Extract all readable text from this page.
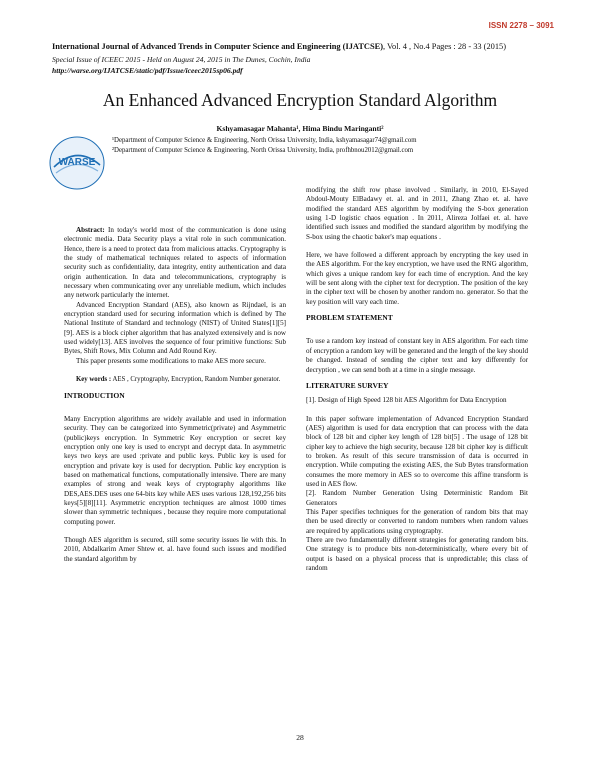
ISSN 2278 – 3091
International Journal of Advanced Trends in Computer Science and Engineering (IJATCSE), Vol. 4 , No.4 Pages : 28 - 33 (2015)
Special Issue of ICEEC 2015 - Held on August 24, 2015 in The Dunes, Cochin, India
http://warse.org/IJATCSE/static/pdf/Issue/iceec2015sp06.pdf
An Enhanced Advanced Encryption Standard Algorithm
WARSE
Kshyamasagar Mahanta¹, Hima Bindu Maringanti²
¹Department of Computer Science & Engineering, North Orissa University, India, kshyamasagar74@gmail.com
²Department of Computer Science & Engineering, North Orissa University, India, profhbnou2012@gmail.com

Abstract: In today's world most of the communication is done using electronic media. Data Security plays a vital role in such communication. Hence, there is a need to protect data from malicious attacks. Cryptography is the study of mathematical techniques related to aspects of information security such as confidentiality, data integrity, entity authentication and data origin authentication. In data and telecommunications, cryptography is necessary when communicating over any unreliable medium, which includes any network particularly the internet.

Advanced Encryption Standard (AES), also known as Rijndael, is an encryption standard used for securing information which is defined by The National Institute of Standard and technology (NIST) of United States[1][5][9]. AES is a block cipher algorithm that has analyzed extensively and is now used widely[13]. AES involves the sequence of four primitive functions: Sub Bytes, Shift Rows, Mix Column and Add Round Key.

This paper presents some modifications to make AES more secure.

Key words : AES , Cryptography, Encryption, Random Number generator.

INTRODUCTION

Many Encryption algorithms are widely available and used in information security. They can be categorized into Symmetric(private) and Asymmetric (public)keys encryption. In Symmetric Key encryption or secret key encryption only one key is used to encrypt and decrypt data. In asymmetric keys two keys are used :private and public keys. Public key is used for encryption and private key is used for decryption. Public key encryption is based on mathematical functions, computationally intensive. There are many examples of strong and weak keys of cryptography algorithms like DES,AES.DES uses one 64-bits key while AES uses various 128,192,256 bits keys[5][8][11]. Asymmetric encryption techniques are almost 1000 times slower than symmetric techniques , because they require more computational computing power.

Though AES algorithm is secured, still some security issues lie with this. In 2010, Abdalkarim Amer Shtew et. al. have found such issues and modified the standard algorithm by

modifying the shift row phase involved . Similarly, in 2010, El-Sayed Abdoul-Mouty ElBadawy et. al. and in 2011, Zhang Zhao et. al. have modified the standard AES algorithm by modifying the S-box generation using 1-D logistic chaos equation . In 2011, Alireza Jolfaei et. al. have identified such issues and modified the standard algorithm by modifying the S-box using the chaotic baker's map equations .

Here, we have followed a different approach by encrypting the key used in the AES algorithm. For the key encryption, we have used the RNG algorithm, which gives a unique random key for each time of encryption. And the key will be sent along with the cipher text for decryption. The position of the key in the cipher text will be chosen by another random no. generator. So that the key position will vary each time.

PROBLEM STATEMENT

To use a random key instead of constant key in AES algorithm. For each time of encryption a random key will be generated and the length of the key should be changed. Instead of sending the cipher text and key differently for decryption , we can send both at a time in a single message.

LITERATURE SURVEY

[1]. Design of High Speed 128 bit AES Algorithm for Data Encryption

In this paper software implementation of Advanced Encryption Standard (AES) algorithm is used for data encryption that can process with the data block of 128 bit and cipher key length of 128 bit[5] . The usage of 128 bit cipher key to achieve the high security, because 128 bit cipher key is difficult to broken. As result of this secure transmission of data is occurred in encryption. While computing the existing AES, the Sub Bytes transformation consumes the more memory in AES so to overcome this affine transform is used in AES flow.

[2]. Random Number Generation Using Deterministic Random Bit Generators

This Paper specifies techniques for the generation of random bits that may then be used directly or converted to random numbers when random values are required by applications using cryptography.

There are two fundamentally different strategies for generating random bits. One strategy is to produce bits non-deterministically, where every bit of output is based on a physical process that is unpredictable; this class of random

28
